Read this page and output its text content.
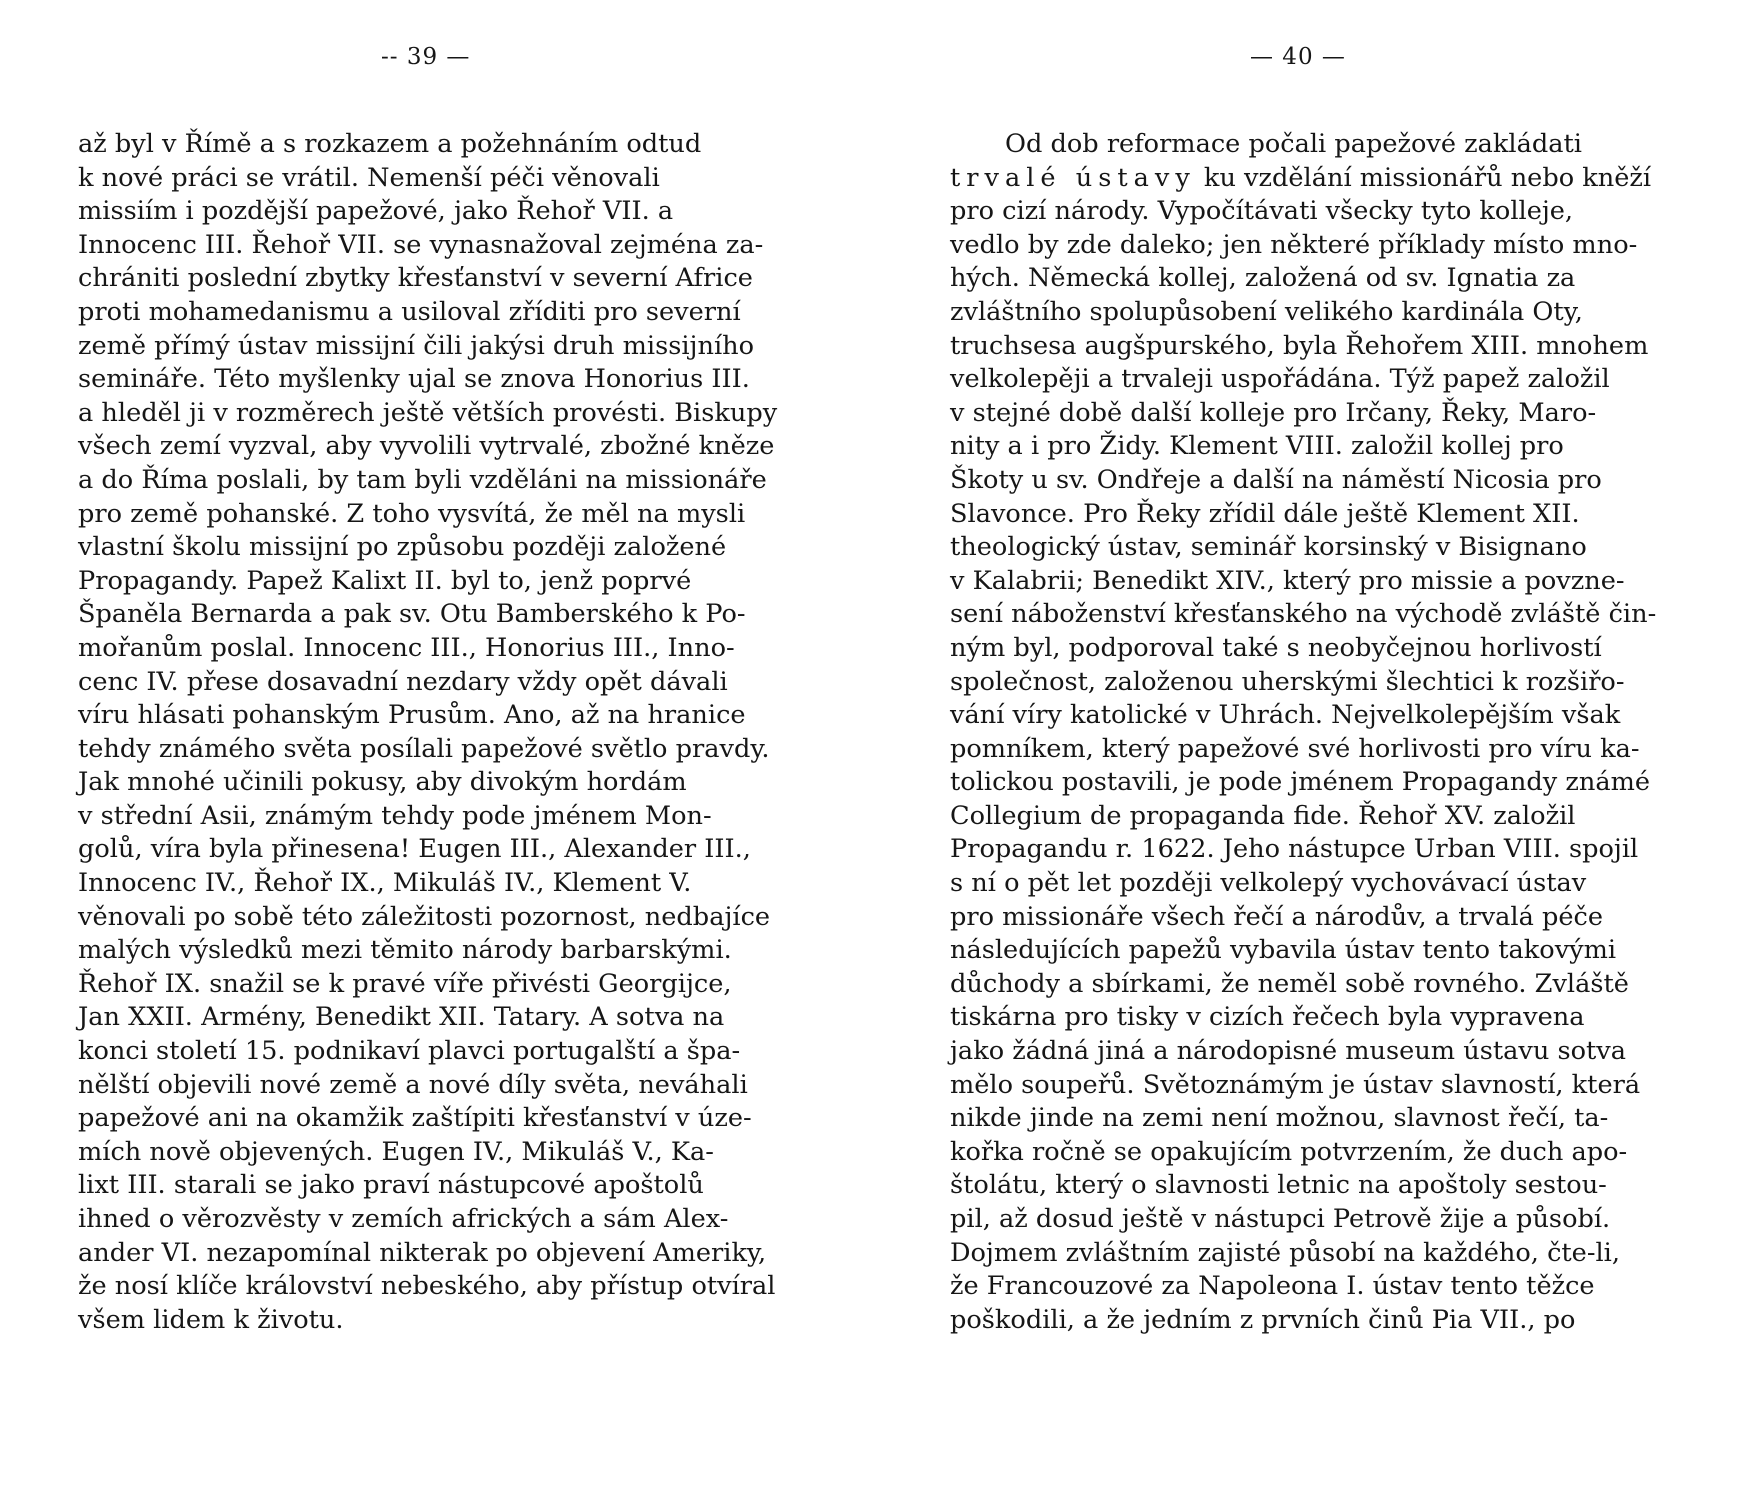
-- 39 —
až byl v Římě a s rozkazem a požehnáním odtud
k nové práci se vrátil. Nemenší péči věnovali
missiím i pozdější papežové, jako Řehoř VII. a
Innocenc III. Řehoř VII. se vynasnažoval zejména za-
chrániti poslední zbytky křesťanství v severní Africe
proti mohamedanismu a usiloval zříditi pro severní
země přímý ústav missijní čili jakýsi druh missijního
semináře. Této myšlenky ujal se znova Honorius III.
a hleděl ji v rozměrech ještě větších provésti. Biskupy
všech zemí vyzval, aby vyvolili vytrvalé, zbožné kněze
a do Říma poslali, by tam byli vzděláni na missionáře
pro země pohanské. Z toho vysvítá, že měl na mysli
vlastní školu missijní po způsobu později založené
Propagandy. Papež Kalixt II. byl to, jenž poprvé
Španěla Bernarda a pak sv. Otu Bamberského k Po-
mořanům poslal. Innocenc III., Honorius III., Inno-
cenc IV. přese dosavadní nezdary vždy opět dávali
víru hlásati pohanským Prusům. Ano, až na hranice
tehdy známého světa posílali papežové světlo pravdy.
Jak mnohé učinili pokusy, aby divokým hordám
v střední Asii, známým tehdy pode jménem Mon-
golů, víra byla přinesena! Eugen III., Alexander III.,
Innocenc IV., Řehoř IX., Mikuláš IV., Klement V.
věnovali po sobě této záležitosti pozornost, nedbajíce
malých výsledků mezi těmito národy barbarskými.
Řehoř IX. snažil se k pravé víře přivésti Georgijce,
Jan XXII. Armény, Benedikt XII. Tatary. A sotva na
konci století 15. podnikaví plavci portugalští a špa-
nělští objevili nové země a nové díly světa, neváhali
papežové ani na okamžik zaštípiti křesťanství v úze-
mích nově objevených. Eugen IV., Mikuláš V., Ka-
lixt III. starali se jako praví nástupcové apoštolů
ihned o věrozvěsty v zemích afrických a sám Alex-
ander VI. nezapomínal nikterak po objevení Ameriky,
že nosí klíče království nebeského, aby přístup otvíral
všem lidem k životu.
— 40 —
Od dob reformace počali papežové zakládati
trvalé ústavy ku vzdělání missionářů nebo kněží
pro cizí národy. Vypočítávati všecky tyto kolleje,
vedlo by zde daleko; jen některé příklady místo mno-
hých. Německá kollej, založená od sv. Ignatia za
zvláštního spolupůsobení velikého kardinála Oty,
truchsesa augšpurského, byla Řehořem XIII. mnohem
velkolepěji a trvaleji uspořádána. Týž papež založil
v stejné době další kolleje pro Irčany, Řeky, Maro-
nity a i pro Židy. Klement VIII. založil kollej pro
Škoty u sv. Ondřeje a další na náměstí Nicosia pro
Slavonce. Pro Řeky zřídil dále ještě Klement XII.
theologický ústav, seminář korsinský v Bisignano
v Kalabrii; Benedikt XIV., který pro missie a povzne-
sení náboženství křesťanského na východě zvláště čin-
ným byl, podporoval také s neobyčejnou horlivostí
společnost, založenou uherskými šlechtici k rozšiřo-
vání víry katolické v Uhrách. Nejvelkolepějším však
pomníkem, který papežové své horlivosti pro víru ka-
tolickou postavili, je pode jménem Propagandy známé
Collegium de propaganda fide. Řehoř XV. založil
Propagandu r. 1622. Jeho nástupce Urban VIII. spojil
s ní o pět let později velkolepý vychovávací ústav
pro missionáře všech řečí a národův, a trvalá péče
následujících papežů vybavila ústav tento takovými
důchody a sbírkami, že neměl sobě rovného. Zvláště
tiskárna pro tisky v cizích řečech byla vypravena
jako žádná jiná a národopisné museum ústavu sotva
mělo soupeřů. Světoznámým je ústav slavností, která
nikde jinde na zemi není možnou, slavnost řečí, ta-
kořka ročně se opakujícím potvrzením, že duch apo-
štolátu, který o slavnosti letnic na apoštoly sestou-
pil, až dosud ještě v nástupci Petrově žije a působí.
Dojmem zvláštním zajisté působí na každého, čte-li,
že Francouzové za Napoleona I. ústav tento těžce
poškodili, a že jedním z prvních činů Pia VII., po
